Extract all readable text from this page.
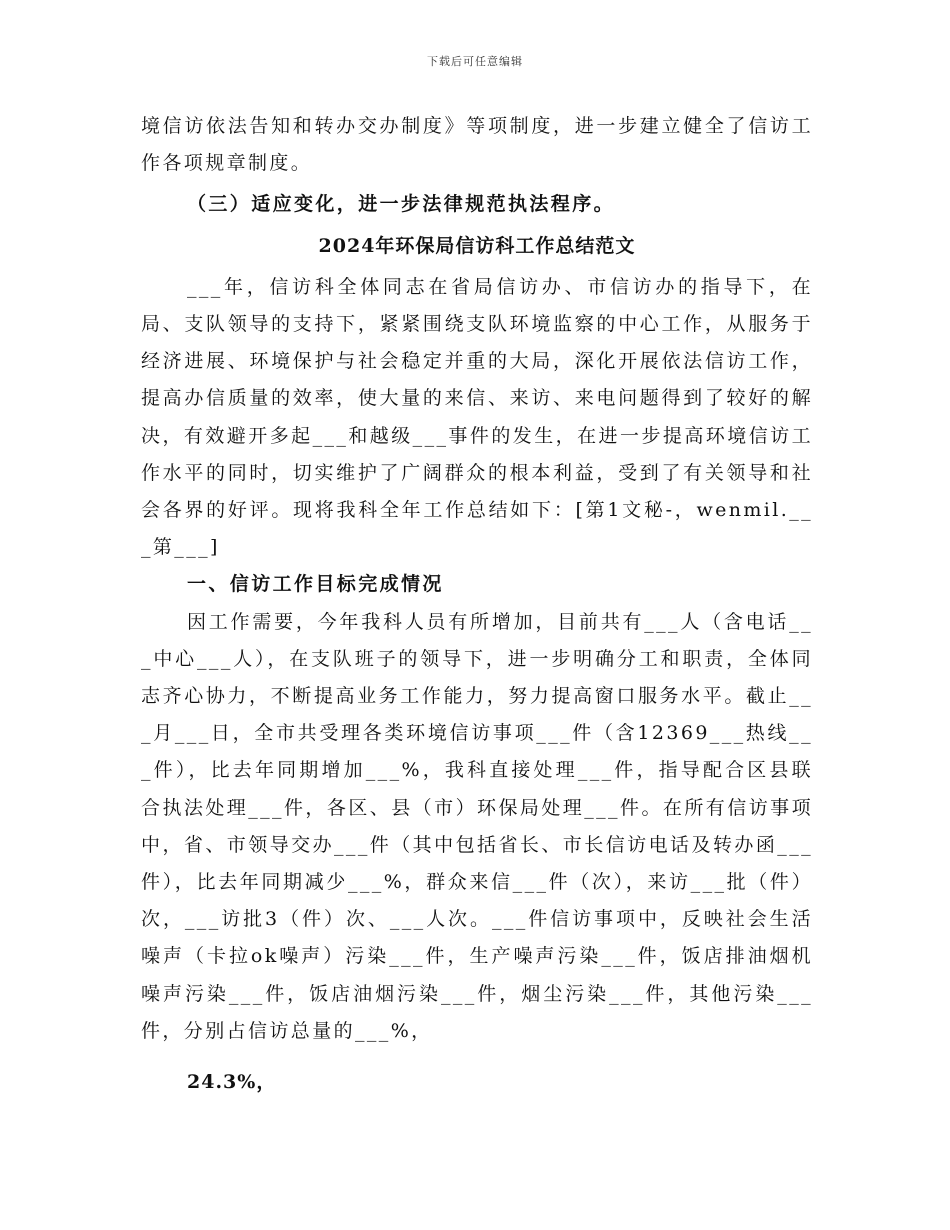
下载后可任意编辑

境信访依法告知和转办交办制度》等项制度，进一步建立健全了信访工作各项规章制度。

（三）适应变化，进一步法律规范执法程序。

2024年环保局信访科工作总结范文

___年，信访科全体同志在省局信访办、市信访办的指导下，在局、支队领导的支持下，紧紧围绕支队环境监察的中心工作，从服务于经济进展、环境保护与社会稳定并重的大局，深化开展依法信访工作，提高办信质量的效率，使大量的来信、来访、来电问题得到了较好的解决，有效避开多起___和越级___事件的发生，在进一步提高环境信访工作水平的同时，切实维护了广阔群众的根本利益，受到了有关领导和社会各界的好评。现将我科全年工作总结如下：[第1文秘-，wenmil.___第___]

一、信访工作目标完成情况

因工作需要，今年我科人员有所增加，目前共有___人（含电话___中心___人），在支队班子的领导下，进一步明确分工和职责，全体同志齐心协力，不断提高业务工作能力，努力提高窗口服务水平。截止___月___日，全市共受理各类环境信访事项___件（含12369___热线___件），比去年同期增加___%，我科直接处理___件，指导配合区县联合执法处理___件，各区、县（市）环保局处理___件。在所有信访事项中，省、市领导交办___件（其中包括省长、市长信访电话及转办函___件），比去年同期减少___%，群众来信___件（次），来访___批（件）次，___访批3（件）次、___人次。___件信访事项中，反映社会生活噪声（卡拉ok噪声）污染___件，生产噪声污染___件，饭店排油烟机噪声污染___件，饭店油烟污染___件，烟尘污染___件，其他污染___件，分别占信访总量的___%，

24.3%，
